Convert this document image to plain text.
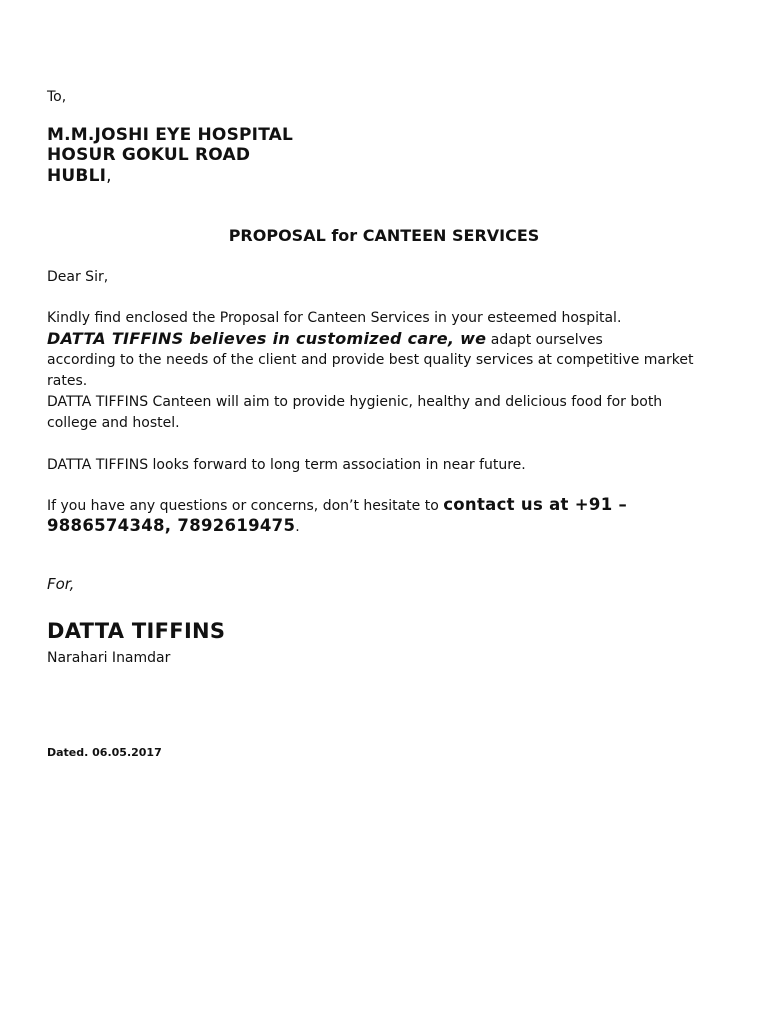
To,
M.M.JOSHI EYE HOSPITAL
HOSUR GOKUL ROAD
HUBLI,
PROPOSAL for CANTEEN SERVICES
Dear Sir,
Kindly find enclosed the Proposal for Canteen Services in your esteemed hospital.
DATTA TIFFINS believes in customized care, we adapt ourselves
according to the needs of the client and provide best quality services at competitive market
rates.
DATTA TIFFINS Canteen will aim to provide hygienic, healthy and delicious food for both
college and hostel.
DATTA TIFFINS looks forward to long term association in near future.
If you have any questions or concerns, don’t hesitate to contact us at +91 –
9886574348, 7892619475.
For,
DATTA TIFFINS
Narahari Inamdar
Dated. 06.05.2017
